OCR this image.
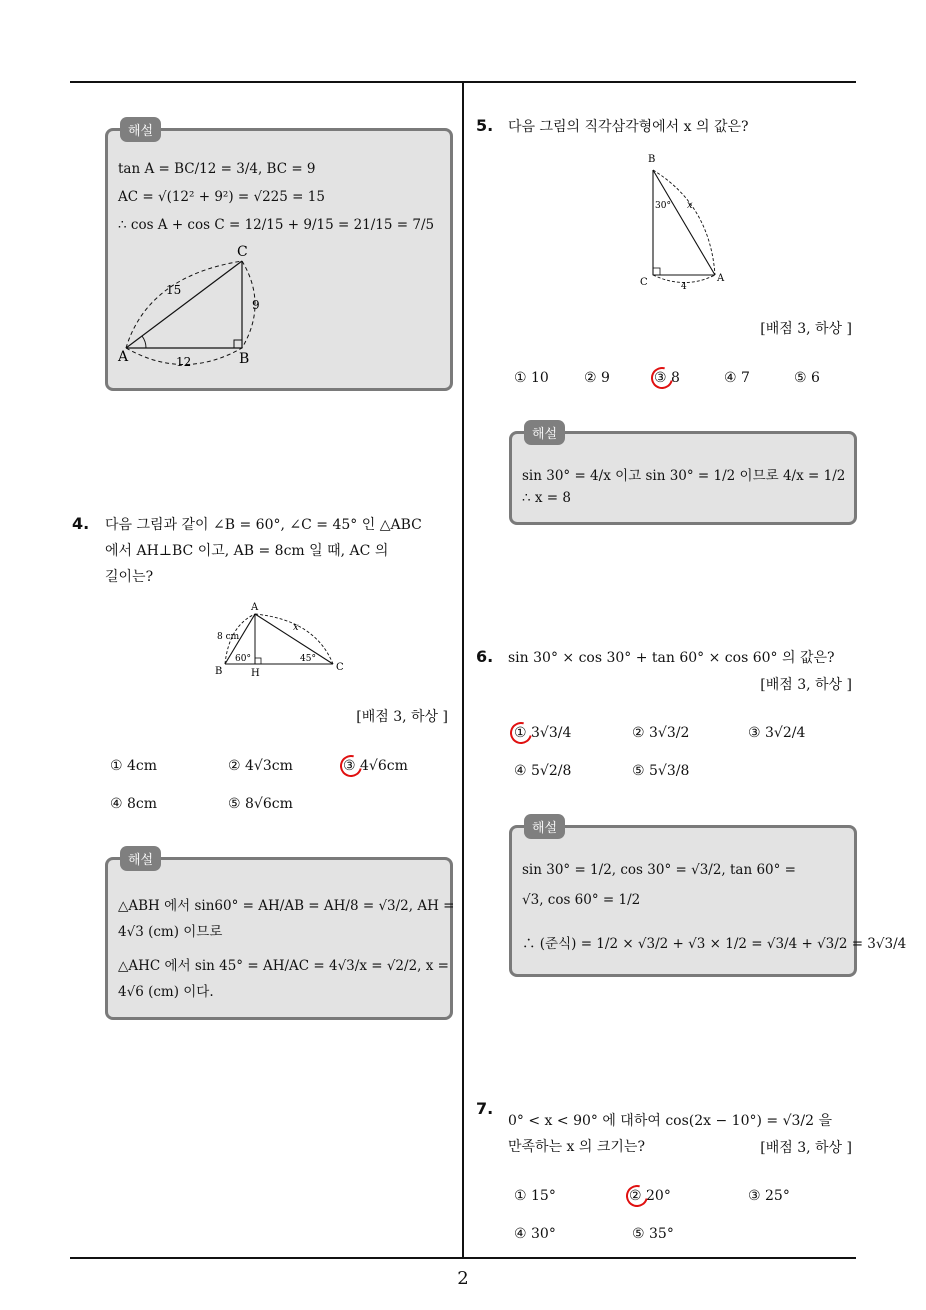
2
해설
tan A = BC/12 = 3/4, BC = 9
AC = √(12² + 9²) = √225 = 15
∴ cos A + cos C = 12/15 + 9/15 = 21/15 = 7/5
A	B
C
12
9
15
4. 다음 그림과 같이 ∠B = 60°, ∠C = 45° 인 △ABC
에서 AH⊥BC 이고, AB = 8cm 일 때, AC 의
길이는?
A
B	C
H
8 cm
x
60°	45°
[배점 3, 하상 ]
① 4cm	② 4√3cm	③ 4√6cm
④ 8cm	⑤ 8√6cm
해설
△ABH 에서 sin60° = AH/AB = AH/8 = √3/2, AH =
4√3 (cm) 이므로
△AHC 에서 sin 45° = AH/AC = 4√3/x = √2/2, x =
4√6 (cm) 이다.
5. 다음 그림의 직각삼각형에서 x 의 값은?
B
C	A
30° x
4
[배점 3, 하상 ]
① 10	② 9	③ 8	④ 7	⑤ 6
해설
sin 30° = 4/x 이고 sin 30° = 1/2 이므로 4/x = 1/2
∴ x = 8
6. sin 30° × cos 30° + tan 60° × cos 60° 의 값은?
[배점 3, 하상 ]
① 3√3/4	② 3√3/2	③ 3√2/4
④ 5√2/8	⑤ 5√3/8
해설
sin 30° = 1/2, cos 30° = √3/2, tan 60° =
√3, cos 60° = 1/2
∴ (준식) = 1/2 × √3/2 + √3 × 1/2 = √3/4 + √3/2 = 3√3/4
7.
0° < x < 90° 에 대하여 cos(2x − 10°) = √3/2 을
만족하는 x 의 크기는?	[배점 3, 하상 ]
① 15°	② 20°	③ 25°
④ 30°	⑤ 35°
